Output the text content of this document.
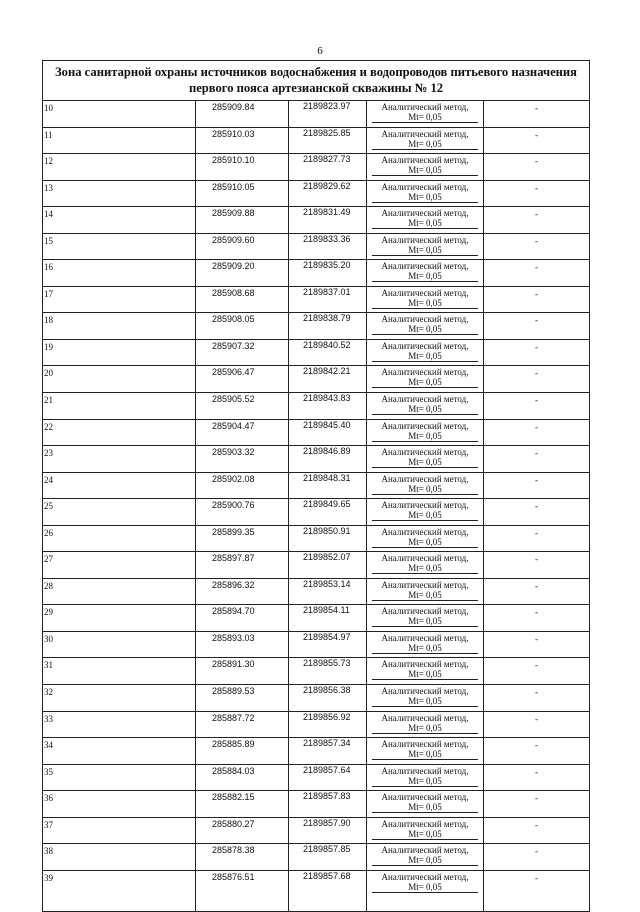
6
Зона санитарной охраны источников водоснабжения и водопроводов питьевого назначения первого пояса артезианской скважины № 12				
10	285909.84	2189823.97	Аналитический метод,
Mt= 0,05	-
11	285910.03	2189825.85	Аналитический метод,
Mt= 0,05	-
12	285910.10	2189827.73	Аналитический метод,
Mt= 0,05	-
13	285910.05	2189829.62	Аналитический метод,
Mt= 0,05	-
14	285909.88	2189831.49	Аналитический метод,
Mt= 0,05	-
15	285909.60	2189833.36	Аналитический метод,
Mt= 0,05	-
16	285909.20	2189835.20	Аналитический метод,
Mt= 0,05	-
17	285908.68	2189837.01	Аналитический метод,
Mt= 0,05	-
18	285908.05	2189838.79	Аналитический метод,
Mt= 0,05	-
19	285907.32	2189840.52	Аналитический метод,
Mt= 0,05	-
20	285906.47	2189842.21	Аналитический метод,
Mt= 0,05	-
21	285905.52	2189843.83	Аналитический метод,
Mt= 0,05	-
22	285904.47	2189845.40	Аналитический метод,
Mt= 0,05	-
23	285903.32	2189846.89	Аналитический метод,
Mt= 0,05	-
24	285902.08	2189848.31	Аналитический метод,
Mt= 0,05	-
25	285900.76	2189849.65	Аналитический метод,
Mt= 0,05	-
26	285899.35	2189850.91	Аналитический метод,
Mt= 0,05	-
27	285897.87	2189852.07	Аналитический метод,
Mt= 0,05	-
28	285896.32	2189853.14	Аналитический метод,
Mt= 0,05	-
29	285894.70	2189854.11	Аналитический метод,
Mt= 0,05	-
30	285893.03	2189854.97	Аналитический метод,
Mt= 0,05	-
31	285891.30	2189855.73	Аналитический метод,
Mt= 0,05	-
32	285889.53	2189856.38	Аналитический метод,
Mt= 0,05	-
33	285887.72	2189856.92	Аналитический метод,
Mt= 0,05	-
34	285885.89	2189857.34	Аналитический метод,
Mt= 0,05	-
35	285884.03	2189857.64	Аналитический метод,
Mt= 0,05	-
36	285882.15	2189857.83	Аналитический метод,
Mt= 0,05	-
37	285880.27	2189857.90	Аналитический метод,
Mt= 0,05	-
38	285878.38	2189857.85	Аналитический метод,
Mt= 0,05	-
39	285876.51	2189857.68	Аналитический метод,
Mt= 0,05	-
